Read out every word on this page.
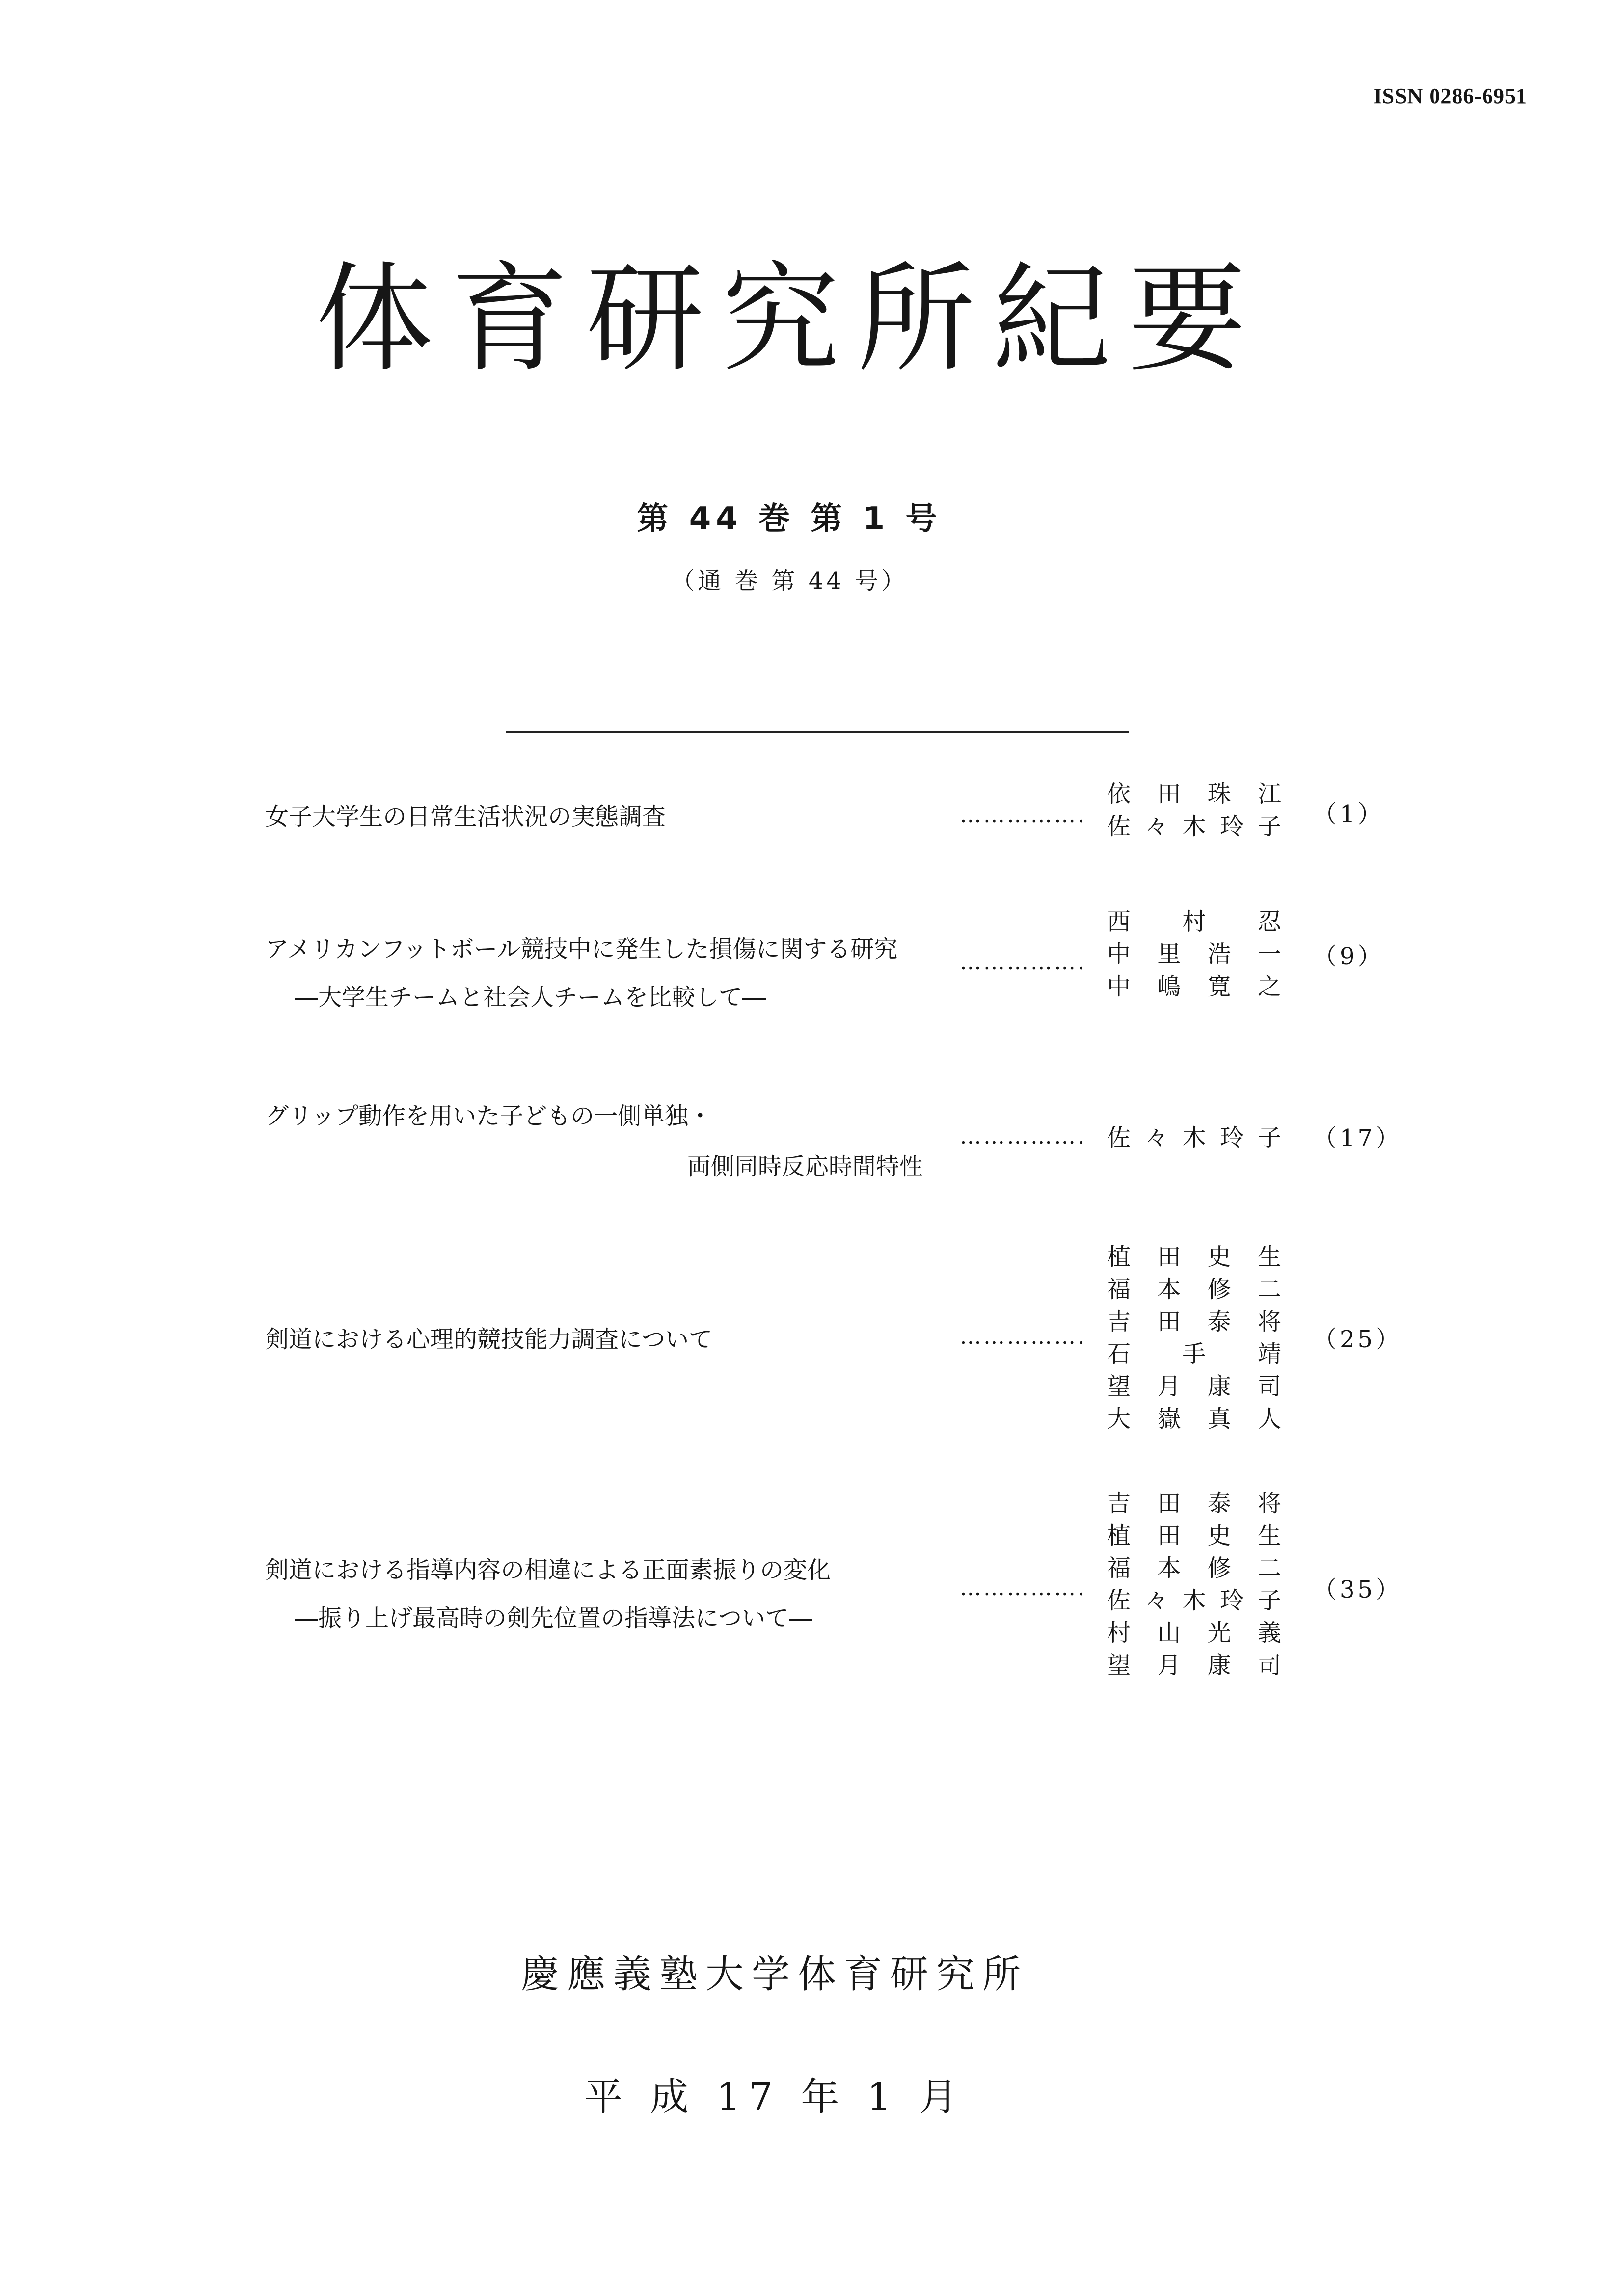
ISSN 0286-6951
体育研究所紀要
第 44 巻 第 1 号
（通 巻 第 44 号）
女子大学生の日常生活状況の実態調査	…………….
依田珠江
佐々木玲子 （1）
アメリカンフットボール競技中に発生した損傷に関する研究
―大学生チームと社会人チームを比較して―
…………….
西村忍
中里浩一
中嶋寛之
（9）
グリップ動作を用いた子どもの一側単独・
両側同時反応時間特性
……………. 佐々木玲子 （17）
剣道における心理的競技能力調査について	…………….
植田史生
福本修二
吉田泰将
石手靖
望月康司
大嶽真人
（25）
剣道における指導内容の相違による正面素振りの変化
―振り上げ最高時の剣先位置の指導法について―
…………….
吉田泰将
植田史生
福本修二
佐々木玲子
村山光義
望月康司
（35）
慶應義塾大学体育研究所
平 成 17 年 1 月
